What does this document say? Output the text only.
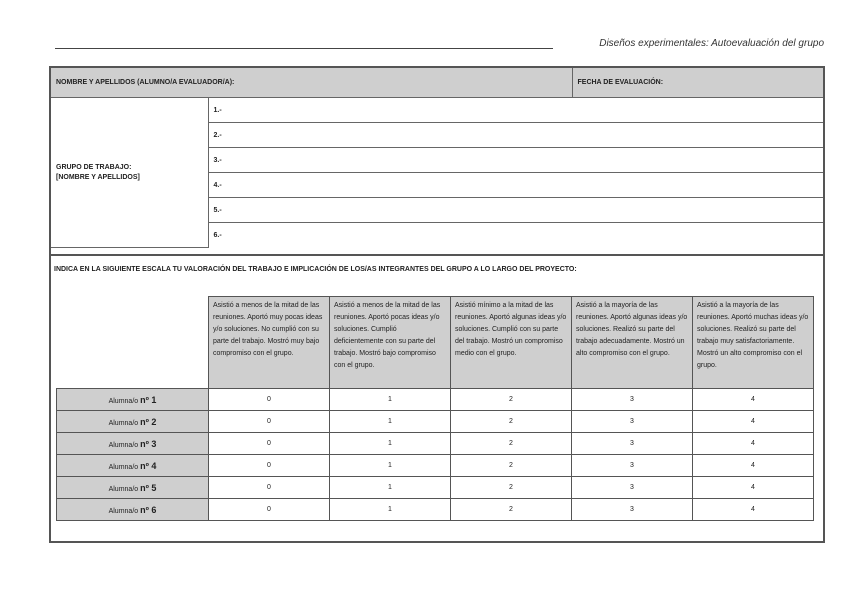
Diseños experimentales: Autoevaluación del grupo
NOMBRE Y APELLIDOS (ALUMNO/A EVALUADOR/A):		FECHA DE EVALUACIÓN:

GRUPO DE TRABAJO:
[NOMBRE Y APELLIDOS]	1.-	
	2.-	
	3.-	
	4.-	
	5.-	
	6.-	
INDICA EN LA SIGUIENTE ESCALA TU VALORACIÓN DEL TRABAJO E IMPLICACIÓN DE LOS/AS INTEGRANTES DEL GRUPO A LO LARGO DEL PROYECTO:
	Asistió a menos de la mitad de las reuniones. Aportó muy pocas ideas y/o soluciones. No cumplió con su parte del trabajo. Mostró muy bajo compromiso con el grupo.	Asistió a menos de la mitad de las reuniones. Aportó pocas ideas y/o soluciones. Cumplió deficientemente con su parte del trabajo. Mostró bajo compromiso con el grupo.	Asistió mínimo a la mitad de las reuniones. Aportó algunas ideas y/o soluciones. Cumplió con su parte del trabajo. Mostró un compromiso medio con el grupo.	Asistió a la mayoría de las reuniones. Aportó algunas ideas y/o soluciones. Realizó su parte del trabajo adecuadamente. Mostró un alto compromiso con el grupo.	Asistió a la mayoría de las reuniones. Aportó muchas ideas y/o soluciones. Realizó su parte del trabajo muy satisfactoriamente. Mostró un alto compromiso con el grupo.
Alumna/o nº 1	0	1	2	3	4
Alumna/o nº 2	0	1	2	3	4
Alumna/o nº 3	0	1	2	3	4
Alumna/o nº 4	0	1	2	3	4
Alumna/o nº 5	0	1	2	3	4
Alumna/o nº 6	0	1	2	3	4
